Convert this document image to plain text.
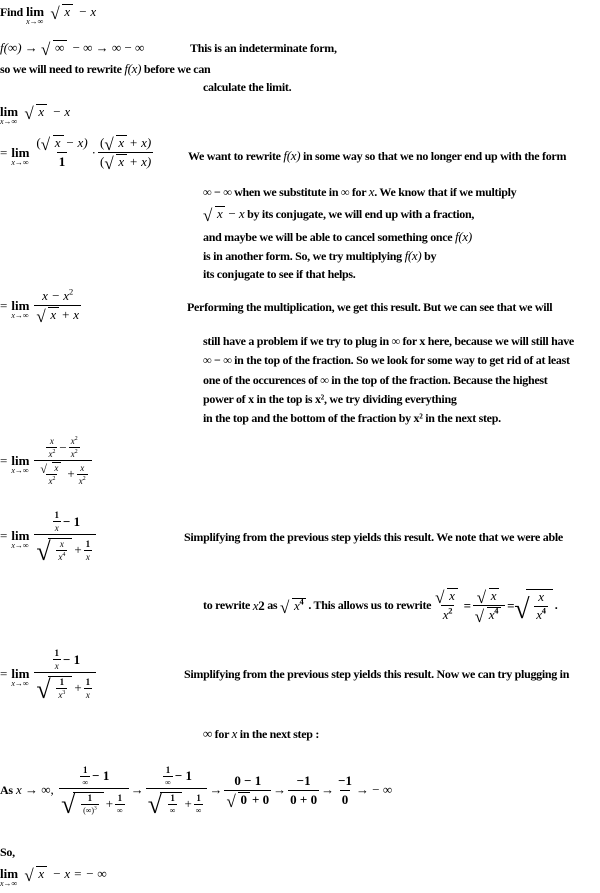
Find lim
x→∞
√ x − x
f(∞) → √ ∞ − ∞ → ∞ − ∞	This is an indeterminate form,
so we will need to rewrite f(x) before we can
calculate the limit.
lim
x→∞
√ x − x
= lim
$x\to\infty \frac{( √ x - x)}{1} \cdot \frac{( √ x + x)}{( √ x + x)}$	We want to rewrite f(x) in some way so that we no longer end up with the form
∞ − ∞ when we substitute in ∞ for x. We know that if we multiply
√ x − x by its conjugate, we will end up with a fraction,
and maybe we will be able to cancel something once f(x)
is in another form. So, we try multiplying f(x) by
its conjugate to see if that helps.
= lim
$x\to\infty \frac{x - x^2}{√ x + x}$	Performing the multiplication, we get this result. But we can see that we will
still have a problem if we try to plug in ∞ for x here, because we will still have
∞ − ∞ in the top of the fraction. So we look for some way to get rid of at least
one of the occurences of ∞ in the top of the fraction. Because the highest
power of x in the top is x², we try dividing everything
in the top and the bottom of the fraction by x² in the next step.
= lim
$x\to\infty \frac{\frac{x}{x^2} - \frac{x^2}{x^2}}{\frac{√ x}{x^2} + \frac{x}{x^2}}$
= lim
$x\to\infty \frac{\frac{1}{x} - 1}{√ \frac{x}{x^4} + \frac{1}{x}}$	Simplifying from the previous step yields this result. We note that we were able
to rewrite
x 2
as
√ $x^4$ . This allows us to rewrite $\frac{√ x}{x^2} = \frac{√ x}{√ x^4}$ = √ $\frac{x}{x^4}$ .
= lim
$x\to\infty \frac{\frac{1}{x} - 1}{√ \frac{1}{x^3} + \frac{1}{x}}$	Simplifying from the previous step yields this result. Now we can try plugging in
∞ for x in the next step :
As
x
→ ∞,
$\frac{\frac{1}{\infty} - 1}{√ \frac{1}{(\infty)^3} + \frac{1}{\infty}} \to \frac{\frac{1}{\infty} - 1}{√ \frac{1}{\infty} + \frac{1}{\infty}} \to \frac{0 - 1}{√ 0 + 0} \to \frac{-1}{0 + 0} \to \frac{-1}{0}$ → − ∞
So,
lim
x→∞
√ x − x = − ∞
